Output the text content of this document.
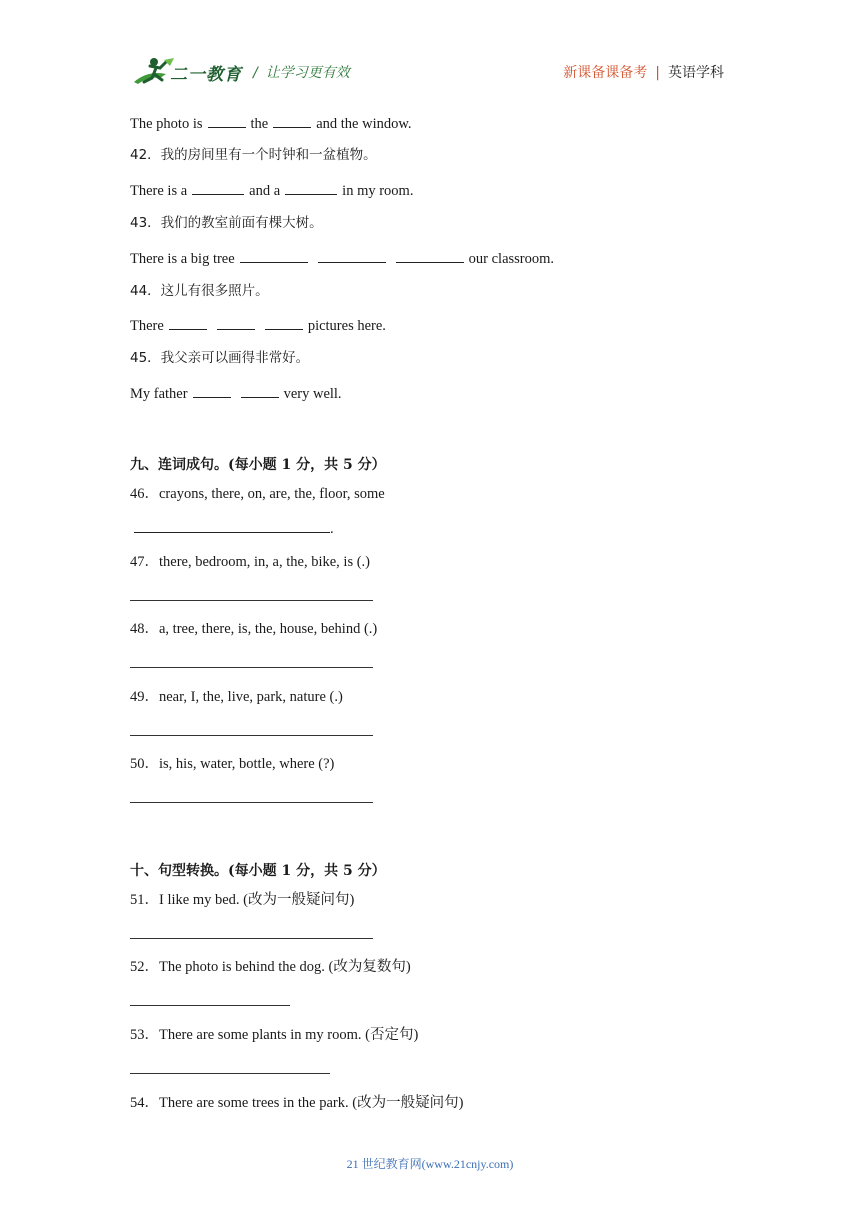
二一教育 / 让学习更有效	新课备课备考 | 英语学科
The photo is	the	and the window.
42．我的房间里有一个时钟和一盆植物。
There is a	and a	in my room.
43．我们的教室前面有棵大树。
There is a big tree	our classroom.
44．这儿有很多照片。
There	pictures here.
45．我父亲可以画得非常好。
My father	very well.
九、连词成句。(每小题 1 分，共 5 分）
46．crayons, there, on, are, the, floor, some
.
47．there, bedroom, in, a, the, bike, is (.)
48．a, tree, there, is, the, house, behind (.)
49．near, I, the, live, park, nature (.)
50．is, his, water, bottle, where (?)
十、句型转换。(每小题 1 分，共 5 分）
51．I like my bed. (改为一般疑问句)
52．The photo is behind the dog. (改为复数句)
53．There are some plants in my room. (否定句)
54．There are some trees in the park. (改为一般疑问句)
21 世纪教育网(www.21cnjy.com)
